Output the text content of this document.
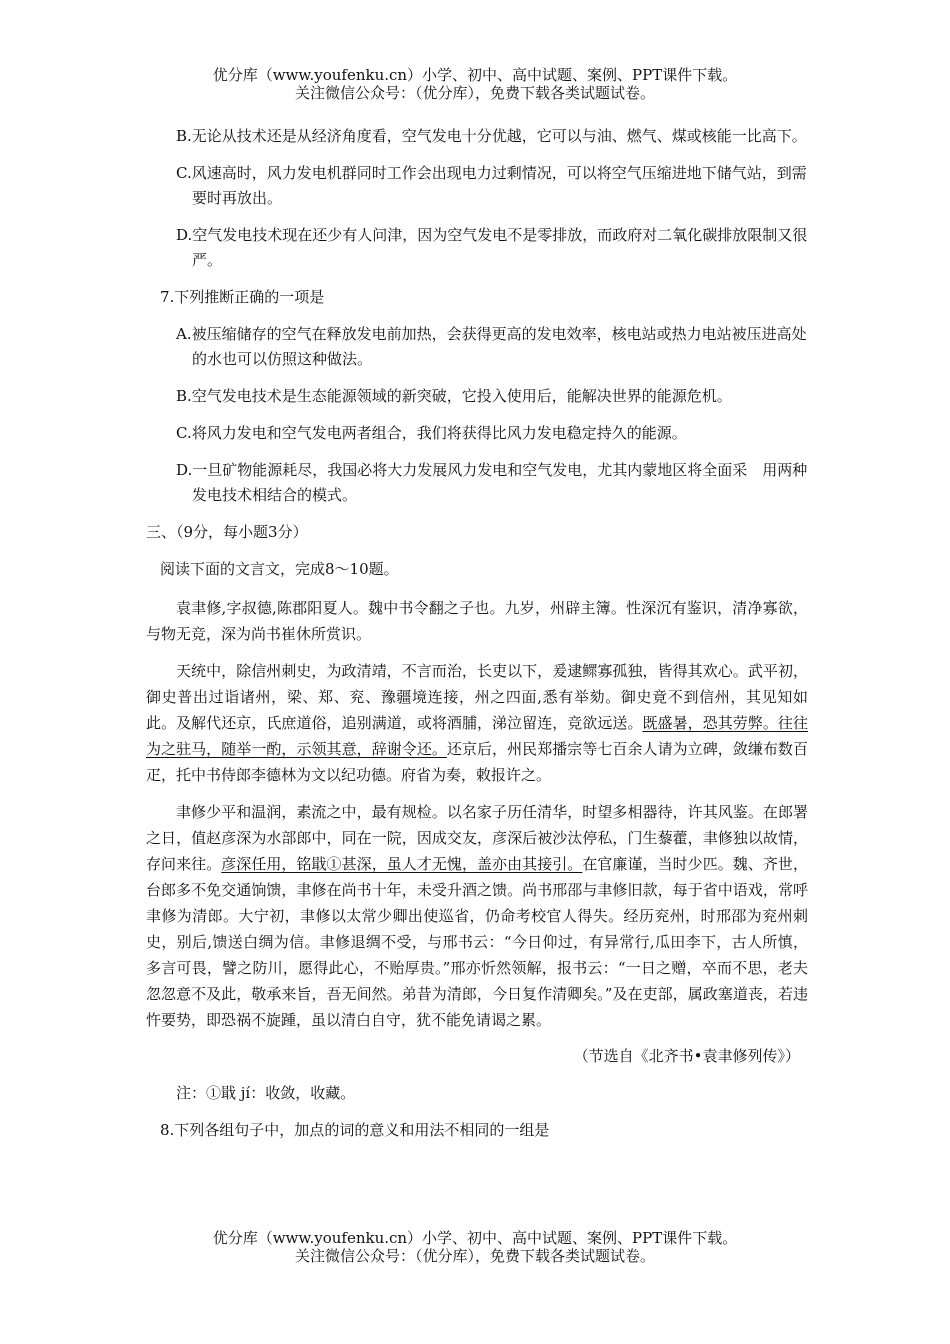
优分库（www.youfenku.cn）小学、初中、高中试题、案例、PPT课件下载。
关注微信公众号：（优分库），免费下载各类试题试卷。
B.无论从技术还是从经济角度看，空气发电十分优越，它可以与油、燃气、煤或核能一比高下。
C.风速高时，风力发电机群同时工作会出现电力过剩情况，可以将空气压缩进地下储气站，到需要时再放出。
D.空气发电技术现在还少有人问津，因为空气发电不是零排放，而政府对二氧化碳排放限制又很严。
7.下列推断正确的一项是
A.被压缩储存的空气在释放发电前加热，会获得更高的发电效率，核电站或热力电站被压进高处的水也可以仿照这种做法。
B.空气发电技术是生态能源领域的新突破，它投入使用后，能解决世界的能源危机。
C.将风力发电和空气发电两者组合，我们将获得比风力发电稳定持久的能源。
D.一旦矿物能源耗尽，我国必将大力发展风力发电和空气发电，尤其内蒙地区将全面采　用两种发电技术相结合的模式。
三、（9分，每小题3分）
阅读下面的文言文，完成8～10题。
袁聿修,字叔德,陈郡阳夏人。魏中书令翻之子也。九岁，州辟主簿。性深沉有鉴识，清净寡欲，与物无竞，深为尚书崔休所赏识。
天统中，除信州刺史，为政清靖，不言而治，长吏以下，爰逮鳏寡孤独，皆得其欢心。武平初，御史普出过诣诸州，梁、郑、兖、豫疆境连接，州之四面,悉有举劾。御史竟不到信州，其见知如此。及解代还京，氏庶道俗，追别满道，或将酒脯，涕泣留连，竞欲远送。既盛暑，恐其劳弊。往往为之驻马，随举一酌，示领其意，辞谢令还。还京后，州民郑播宗等七百余人请为立碑，敛缣布数百疋，托中书侍郎李德林为文以纪功德。府省为奏，敕报许之。
聿修少平和温润，素流之中，最有规检。以名家子历任清华，时望多相器待，许其风鉴。在郎署之日，值赵彦深为水部郎中，同在一院，因成交友，彦深后被沙汰停私，门生藜藿，聿修独以故情，存问来往。彦深任用，铭戢①甚深，虽人才无愧，盖亦由其接引。在官廉谨，当时少匹。魏、齐世，台郎多不免交通饷馈，聿修在尚书十年，未受升酒之馈。尚书邢邵与聿修旧款，每于省中语戏，常呼聿修为清郎。大宁初，聿修以太常少卿出使巡省，仍命考校官人得失。经历兖州，时邢邵为兖州刺史，别后,馈送白绸为信。聿修退绸不受，与邢书云：“今日仰过，有异常行,瓜田李下，古人所慎，多言可畏，譬之防川，愿得此心，不贻厚贵。”邢亦忻然领解，报书云：“一日之赠，卒而不思，老夫忽忽意不及此，敬承来旨，吾无间然。弟昔为清郎，今日复作清卿矣。”及在吏部，属政塞道丧，若违忤要势，即恐祸不旋踵，虽以清白自守，犹不能免请谒之累。
（节选自《北齐书•袁聿修列传》）
注：①戢 jí：收敛，收藏。
8.下列各组句子中，加点的词的意义和用法不相同的一组是
优分库（www.youfenku.cn）小学、初中、高中试题、案例、PPT课件下载。
关注微信公众号：（优分库），免费下载各类试题试卷。
